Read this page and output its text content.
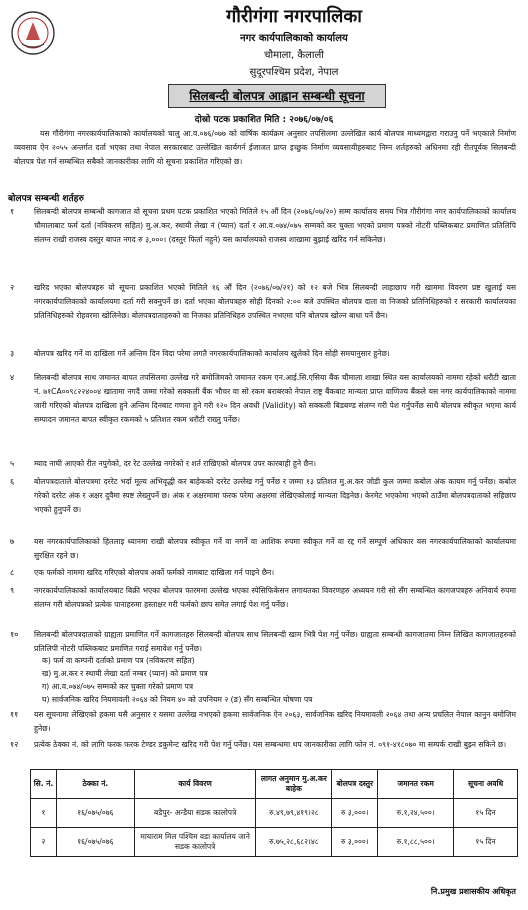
गौरीगंगा नगरपालिका
नगर कार्यपालिकाको कार्यालय
चौमाला, कैलाली
सुदूरपश्चिम प्रदेश, नेपाल
सिलबन्दी बोलपत्र आह्वान सम्बन्धी सूचना
दोस्रो पटक प्रकाशित मिति : २०७६/०७/०६
यस गौरीगंगा नगरकार्यपालिकाको कार्यालयको चालु आ.व.०७६/०७७ को वार्षिक कार्यक्रम अनुसार तपसिलमा उल्लेखित कार्य बोलपत्र माध्यमद्वारा गराउनु पर्ने भएकाले निर्माण व्यवसाय ऐन २०५५ अन्तर्गत दर्ता भएका तथा नेपाल सरकारबाट उल्लेखित कार्यगर्न ईजाजत प्राप्त इच्छुक निर्माण व्यवसायीहरुबाट निम्न शर्तहरुको अधिनमा रही रीतपूर्वक सिलबन्दी बोलपत्र पेश गर्न सम्बन्धित सबैको जानकारीका लागि यो सूचना प्रकाशित गरिएको छ।
बोलपत्र सम्बन्धी शर्तहरु
१	सिलबन्दी बोलपत्र सम्बन्धी कागजात यो सूचना प्रथम पटक प्रकाशित भएको मितिले १५ औं दिन (२०७६/०७/२०) सम्म कार्यालय समय भित्र गौरीगंगा नगर कार्यपालिकाको कार्यालय चौमालाबाट फर्म दर्ता (नविकरण सहित) मु.अ.कर, स्थायी लेखा नं (प्यान) दर्ता र आ.व.०७४/०७५ सम्मको कर चुक्ता भएको प्रमाण पत्रको नोटरी पब्लिकबाट प्रमाणित प्रतिलिपि संलग्न राखी राजस्व दस्तुर बापत नगद रु ३,०००। (दस्तुर फिर्ता नहुने) यस कार्यालयको राजस्व शाखामा बुझाई खरिद गर्न सकिनेछ।
२	खरिद भएका बोलपत्रहरु यो सूचना प्रकाशित भएको मितिले १६ औं दिन (२०७६/०७/२१) को १२ बजे भित्र सिलबन्दी लाहाछाप गरी खाममा विवरण प्रष्ट खुलाई यस नगरकार्यपालिकाको कार्यालयमा दर्ता गरी सक्नुपर्ने छ। दर्ता भएका बोलपत्रहरु सोही दिनको २:०० बजे उपस्थित बोलपत्र दाता वा निजको प्रतिनिधिहरुको र सरकारी कार्यालयका प्रतिनिधिहरुको रोहवरमा खोलिनेछ। बोलपत्रदाताहरुको वा निजका प्रतिनिधिहरु उपस्थित नभएमा पनि बोलपत्र खोल्न बाधा पर्ने छैन।
३	बोलपत्र खरिद गर्ने वा दाखिला गर्ने अन्तिम दिन विदा परेमा लगतै नगरकार्यपालिकाको कार्यालय खुलेको दिन सोही समयानुसार हुनेछ।
४	सिलबन्दी बोलपत्र साथ जमानत बापत तपसिलमा उल्लेख गरे बमोजिमको जमानत रकम एन.आई.सि.एसिया बैंक चौमाला शाखा स्थित यस कार्यालयको नाममा रहेको धरौटी खाता नं. ७१CA००९८२२४००४ खातामा नगदै जम्मा गरेको सक्कली बैंक भौचर वा सो रकम बराबरको नेपाल राष्ट्र बैंकबाट मान्यता प्राप्त वाणिज्य बैंकले यस नगर कार्यपालिकाको नाममा जारी गरिएको बोलपत्र दाखिला हुने अन्तिम दिनबाट गणना हुने गरी १२० दिन अवधी (Validity) को सक्कली बिडबण्ड संलग्न गरी पेश गर्नुपर्नेछ साथै बोलपत्र स्वीकृत भएमा कार्य सम्पादन जमानत बापत स्वीकृत रकमको ५ प्रतिशत रकम धरौटी राख्नु पर्नेछ।
५	म्याद नाघी आएको रीत नपुगेको, दर रेट उल्लेख नगरेको र शर्त राखिएको बोलपत्र उपर कारबाही हुने छैन।
६	बोलपत्रदाताले बोलपत्रमा दररेट भर्दा मूल्य अभिवृद्धी कर बाहेकको दररेट उल्लेख गर्नु पर्नेछ र जम्मा १३ प्रतिशत मु.अ.कर जोडी कुल जम्मा कबोल अंक कायम गर्नु पर्नेछ। कबोल गरेको दररेट अंक र अक्षर दुवैमा स्पष्ट लेख्नुपर्ने छ। अंक र अक्षरमामा फरक परेमा अक्षरमा लेखिएकोलाई मान्यता दिइनेछ। केरमेट भएकोमा भएको ठाउँमा बोलपत्रदाताको सहिछाप भएको हुनुपर्ने छ।
७	यस नगरकार्यपालिकाको हितलाइ ध्यानमा राखी बोलपत्र स्वीकृत गर्ने वा नगर्ने वा आशिक रुपमा स्वीकृत गर्ने वा रद्द गर्ने सम्पूर्ण अधिकार यस नगरकार्यपालिकाको कार्यालयमा सुरक्षित रहने छ।
८	एक फर्मको नाममा खरिद गरिएको बोलपत्र अर्को फर्मको नामबाट दाखिला गर्न पाइने छैन।
९	नगरकार्यपालिकाको कार्यालयबाट बिक्री भएका बोलपत्र फारममा उल्लेख भएका स्पेसिफिकेसन लगायतका विवरणहरु अध्ययन गरी सो सँग सम्बन्धित कागजपत्रहरु अनिवार्य रुपमा संलग्न गरी बोलपत्रको प्रत्येक पानाहरुमा हस्ताक्षर गरी फर्मको छाप समेत लगाई पेश गर्नु पर्नेछ।
१० सिलबन्दी बोलपत्रदाताको ग्राह्यता प्रमाणित गर्ने कागजातहरु सिलबन्दी बोलपत्र साथ सिलबन्दी खाम भित्रै पेश गर्नु पर्नेछ। ग्राह्यता सम्बन्धी कागजातमा निम्न लिखित कागजातहरुको प्रतिलिपी नोटरी पब्लिकबाट प्रमाणित गराई समावेश गर्नु पर्नेछ।
क) फर्म वा कम्पनी दर्ताको प्रमाण पत्र (नविकरण सहित)
ख) मु.अ.कर र स्थायी लेखा दर्ता नम्बर (प्यान) को प्रमाण पत्र
ग) आ.व.०७४/०७५ सम्मको कर चुक्ता गरेको प्रमाण पत्र
घ) सार्वजनिक खरिद नियमावली २०६४ को नियम ४० को उपनियम २ (ङ) सँग सम्बन्धित घोषणा पत्र
११ यस सूचनामा लेखिएको हकमा यसै अनुसार र यसमा उल्लेख नभएको हकमा सार्वजनिक ऐन २०६३, सार्वजनिक खरिद नियमावली २०६४ तथा अन्य प्रचलित नेपाल कानुन बमोजिम हुनेछ।
१२ प्रत्येक ठेक्का नं. को लागि फरक फरक टेण्डर डकुमेन्ट खरिद गरी पेश गर्नु पर्नेछ। यस सम्बन्धमा थप जानकारीका लागि फोन नं. ०९१-४१८०७० मा सम्पर्क राखी बुझ्न सकिने छ।
सि. नं.	ठेक्का नं.	कार्य विवरण	लागत अनुमान मु.अ.कर बाहेक	बोलपत्र दस्तुर	जमानत रकम	सूचना अवधि
१	१६/०७५/०७६	बडैपुर- अन्डैया सडक कालोपत्रे	रु.४९,७९,४१९।२८	रु ३,०००।	रु.१,२४,५००।	१५ दिन
२	१६/०७५/०७६	मायाराम मिल पश्चिम वडा कार्यालय जाने सडक कालोपत्रे	रु.७५,२८,६८२।४८	रु ३,०००।	रु.१,८८,५००।	१५ दिन
नि.प्रमुख प्रशासकीय अधिकृत
